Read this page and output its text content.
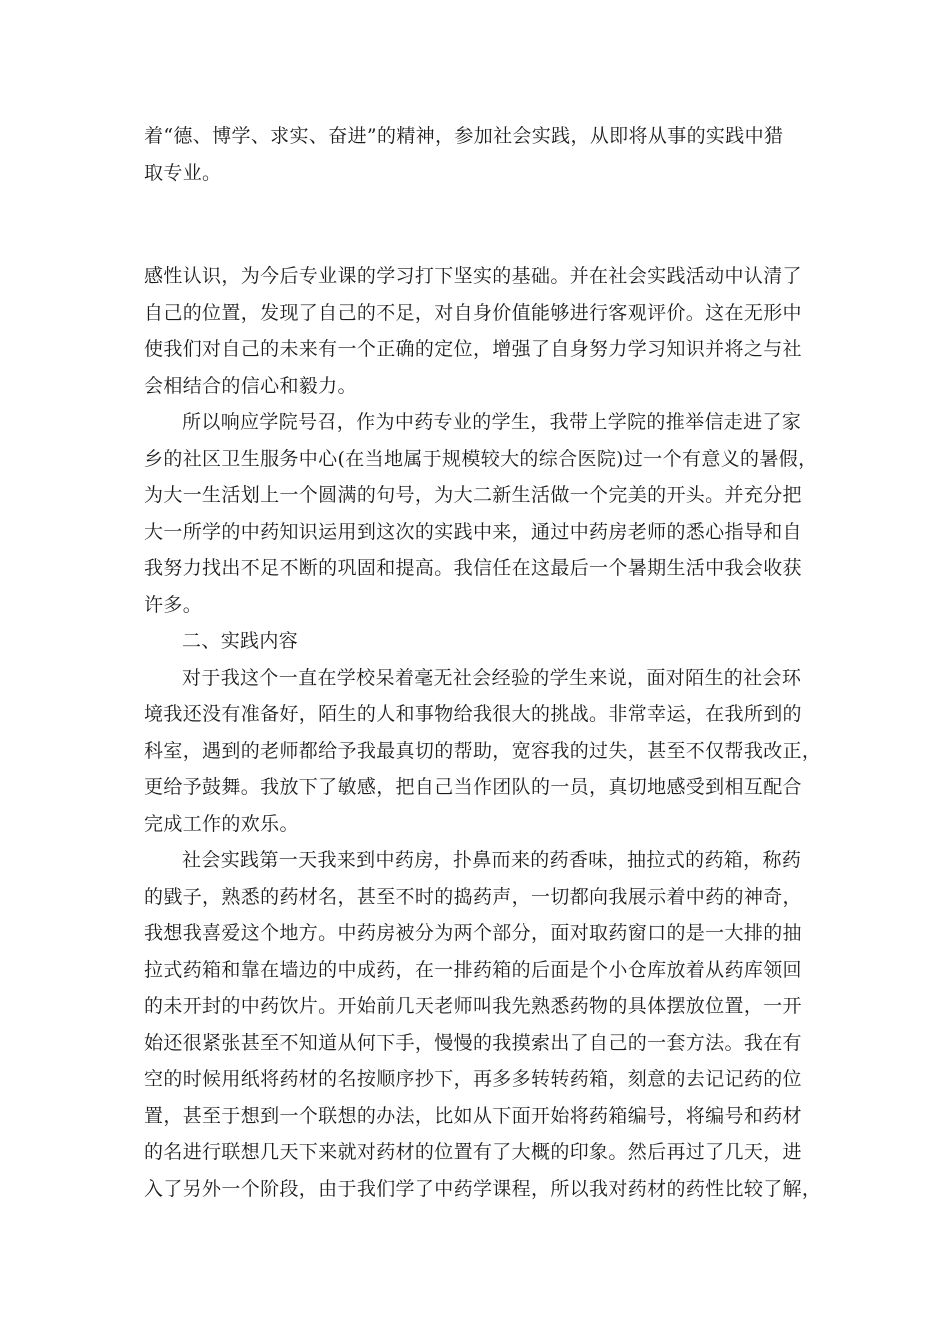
着“德、博学、求实、奋进”的精神，参加社会实践，从即将从事的实践中猎
取专业。
感性认识，为今后专业课的学习打下坚实的基础。并在社会实践活动中认清了
自己的位置，发现了自己的不足，对自身价值能够进行客观评价。这在无形中
使我们对自己的未来有一个正确的定位，增强了自身努力学习知识并将之与社
会相结合的信心和毅力。
所以响应学院号召，作为中药专业的学生，我带上学院的推举信走进了家
乡的社区卫生服务中心(在当地属于规模较大的综合医院)过一个有意义的暑假，
为大一生活划上一个圆满的句号，为大二新生活做一个完美的开头。并充分把
大一所学的中药知识运用到这次的实践中来，通过中药房老师的悉心指导和自
我努力找出不足不断的巩固和提高。我信任在这最后一个暑期生活中我会收获
许多。
二、实践内容
对于我这个一直在学校呆着毫无社会经验的学生来说，面对陌生的社会环
境我还没有准备好，陌生的人和事物给我很大的挑战。非常幸运，在我所到的
科室，遇到的老师都给予我最真切的帮助，宽容我的过失，甚至不仅帮我改正，
更给予鼓舞。我放下了敏感，把自己当作团队的一员，真切地感受到相互配合
完成工作的欢乐。
社会实践第一天我来到中药房，扑鼻而来的药香味，抽拉式的药箱，称药
的戥子，熟悉的药材名，甚至不时的捣药声，一切都向我展示着中药的神奇，
我想我喜爱这个地方。中药房被分为两个部分，面对取药窗口的是一大排的抽
拉式药箱和靠在墙边的中成药，在一排药箱的后面是个小仓库放着从药库领回
的未开封的中药饮片。开始前几天老师叫我先熟悉药物的具体摆放位置，一开
始还很紧张甚至不知道从何下手，慢慢的我摸索出了自己的一套方法。我在有
空的时候用纸将药材的名按顺序抄下，再多多转转药箱，刻意的去记记药的位
置，甚至于想到一个联想的办法，比如从下面开始将药箱编号，将编号和药材
的名进行联想几天下来就对药材的位置有了大概的印象。然后再过了几天，进
入了另外一个阶段，由于我们学了中药学课程，所以我对药材的药性比较了解，
